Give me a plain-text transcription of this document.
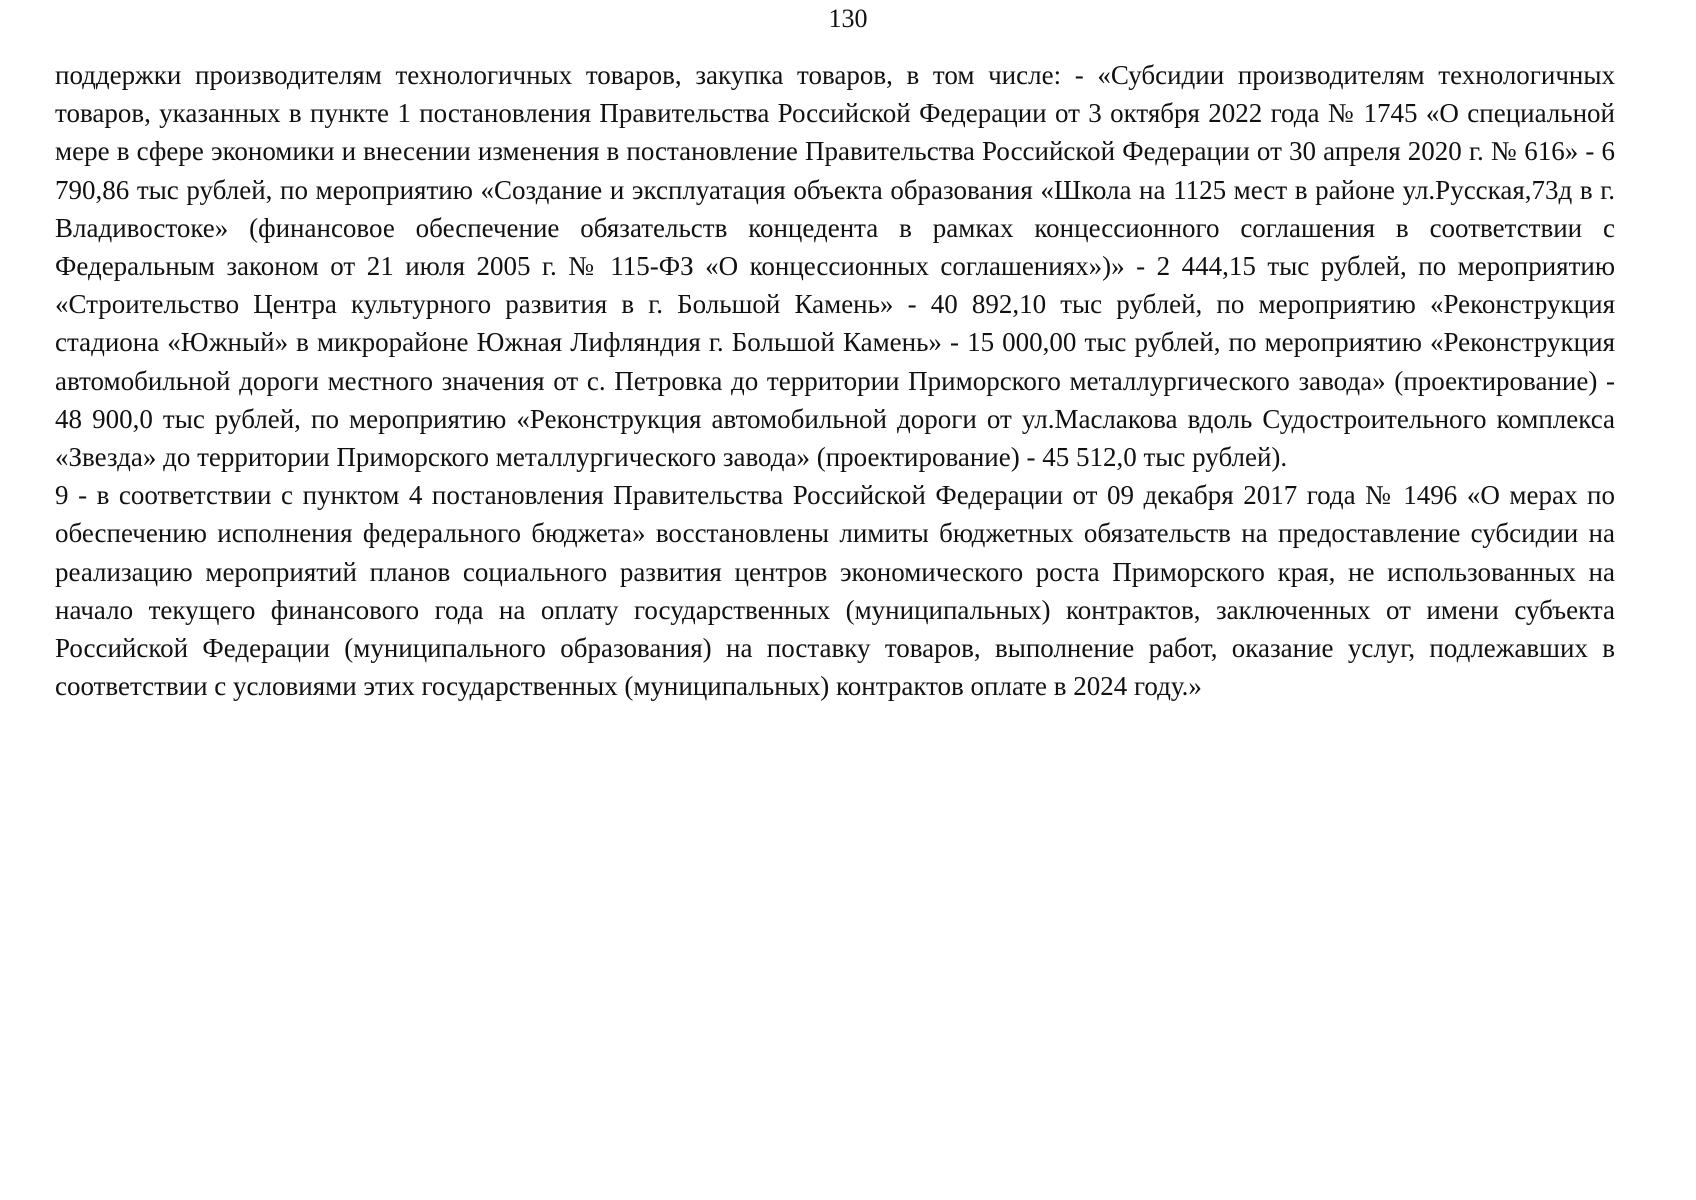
130

поддержки производителям технологичных товаров, закупка товаров, в том числе: - «Субсидии производителям технологичных товаров, указанных в пункте 1 постановления Правительства Российской Федерации от 3 октября 2022 года № 1745 «О специальной мере в сфере экономики и внесении изменения в постановление Правительства Российской Федерации от 30 апреля 2020 г. № 616» - 6 790,86 тыс рублей, по мероприятию «Создание и эксплуатация объекта образования «Школа на 1125 мест в районе ул.Русская,73д в г. Владивостоке» (финансовое обеспечение обязательств концедента в рамках концессионного соглашения в соответствии с Федеральным законом от 21 июля 2005 г. № 115-ФЗ «О концессионных соглашениях»)» - 2 444,15 тыс рублей, по мероприятию «Строительство Центра культурного развития в г. Большой Камень» - 40 892,10 тыс рублей, по мероприятию «Реконструкция стадиона «Южный» в микрорайоне Южная Лифляндия г. Большой Камень» - 15 000,00 тыс рублей, по мероприятию «Реконструкция автомобильной дороги местного значения от с. Петровка до территории Приморского металлургического завода» (проектирование) - 48 900,0 тыс рублей, по мероприятию «Реконструкция автомобильной дороги от ул.Маслакова вдоль Судостроительного комплекса «Звезда» до территории Приморского металлургического завода» (проектирование) - 45 512,0 тыс рублей).

9 - в соответствии с пунктом 4 постановления Правительства Российской Федерации от 09 декабря 2017 года № 1496 «О мерах по обеспечению исполнения федерального бюджета» восстановлены лимиты бюджетных обязательств на предоставление субсидии на реализацию мероприятий планов социального развития центров экономического роста Приморского края, не использованных на начало текущего финансового года на оплату государственных (муниципальных) контрактов, заключенных от имени субъекта Российской Федерации (муниципального образования) на поставку товаров, выполнение работ, оказание услуг, подлежавших в соответствии с условиями этих государственных (муниципальных) контрактов оплате в 2024 году.»
